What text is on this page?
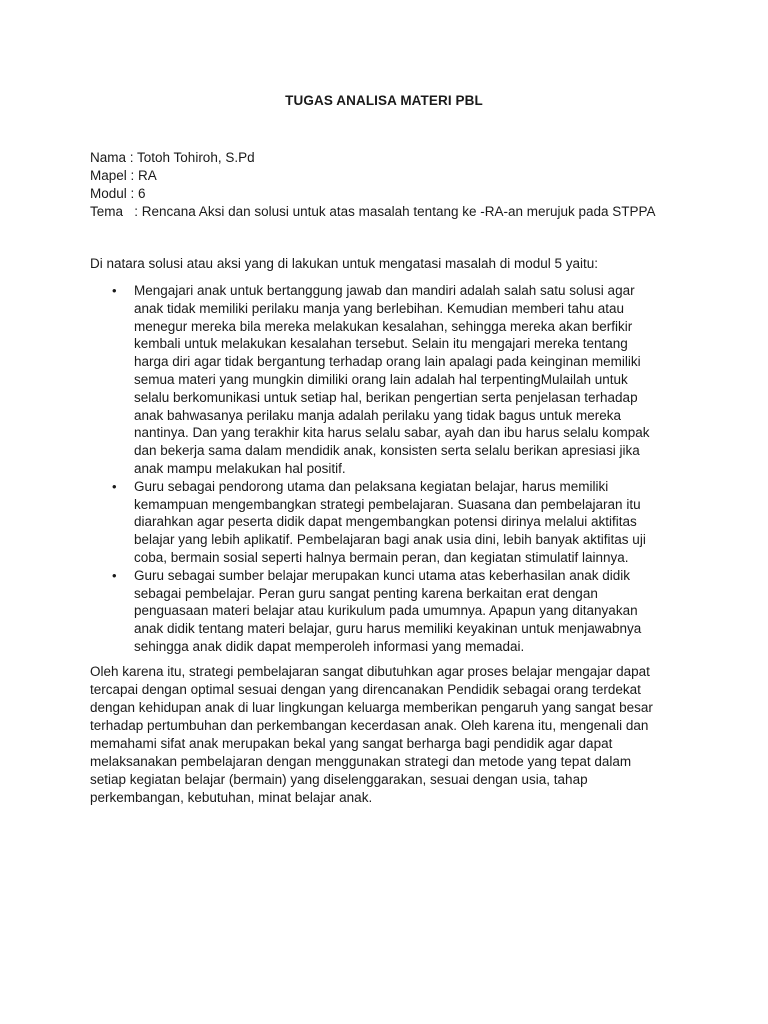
TUGAS ANALISA MATERI PBL
Nama : Totoh Tohiroh, S.Pd
Mapel : RA
Modul : 6
Tema   : Rencana Aksi dan solusi untuk atas masalah tentang ke -RA-an merujuk pada STPPA
Di natara solusi atau aksi yang di lakukan untuk mengatasi masalah di modul 5 yaitu:
• Mengajari anak untuk bertanggung jawab dan mandiri adalah salah satu solusi agar
anak tidak memiliki perilaku manja yang berlebihan. Kemudian memberi tahu atau
menegur mereka bila mereka melakukan kesalahan, sehingga mereka akan berfikir
kembali untuk melakukan kesalahan tersebut. Selain itu mengajari mereka tentang
harga diri agar tidak bergantung terhadap orang lain apalagi pada keinginan memiliki
semua materi yang mungkin dimiliki orang lain adalah hal terpentingMulailah untuk
selalu berkomunikasi untuk setiap hal, berikan pengertian serta penjelasan terhadap
anak bahwasanya perilaku manja adalah perilaku yang tidak bagus untuk mereka
nantinya. Dan yang terakhir kita harus selalu sabar, ayah dan ibu harus selalu kompak
dan bekerja sama dalam mendidik anak, konsisten serta selalu berikan apresiasi jika
anak mampu melakukan hal positif.
• Guru sebagai pendorong utama dan pelaksana kegiatan belajar, harus memiliki
kemampuan mengembangkan strategi pembelajaran. Suasana dan pembelajaran itu
diarahkan agar peserta didik dapat mengembangkan potensi dirinya melalui aktifitas
belajar yang lebih aplikatif. Pembelajaran bagi anak usia dini, lebih banyak aktifitas uji
coba, bermain sosial seperti halnya bermain peran, dan kegiatan stimulatif lainnya.
• Guru sebagai sumber belajar merupakan kunci utama atas keberhasilan anak didik
sebagai pembelajar. Peran guru sangat penting karena berkaitan erat dengan
penguasaan materi belajar atau kurikulum pada umumnya. Apapun yang ditanyakan
anak didik tentang materi belajar, guru harus memiliki keyakinan untuk menjawabnya
sehingga anak didik dapat memperoleh informasi yang memadai.
Oleh karena itu, strategi pembelajaran sangat dibutuhkan agar proses belajar mengajar dapat
tercapai dengan optimal sesuai dengan yang direncanakan Pendidik sebagai orang terdekat
dengan kehidupan anak di luar lingkungan keluarga memberikan pengaruh yang sangat besar
terhadap pertumbuhan dan perkembangan kecerdasan anak. Oleh karena itu, mengenali dan
memahami sifat anak merupakan bekal yang sangat berharga bagi pendidik agar dapat
melaksanakan pembelajaran dengan menggunakan strategi dan metode yang tepat dalam
setiap kegiatan belajar (bermain) yang diselenggarakan, sesuai dengan usia, tahap
perkembangan, kebutuhan, minat belajar anak.
